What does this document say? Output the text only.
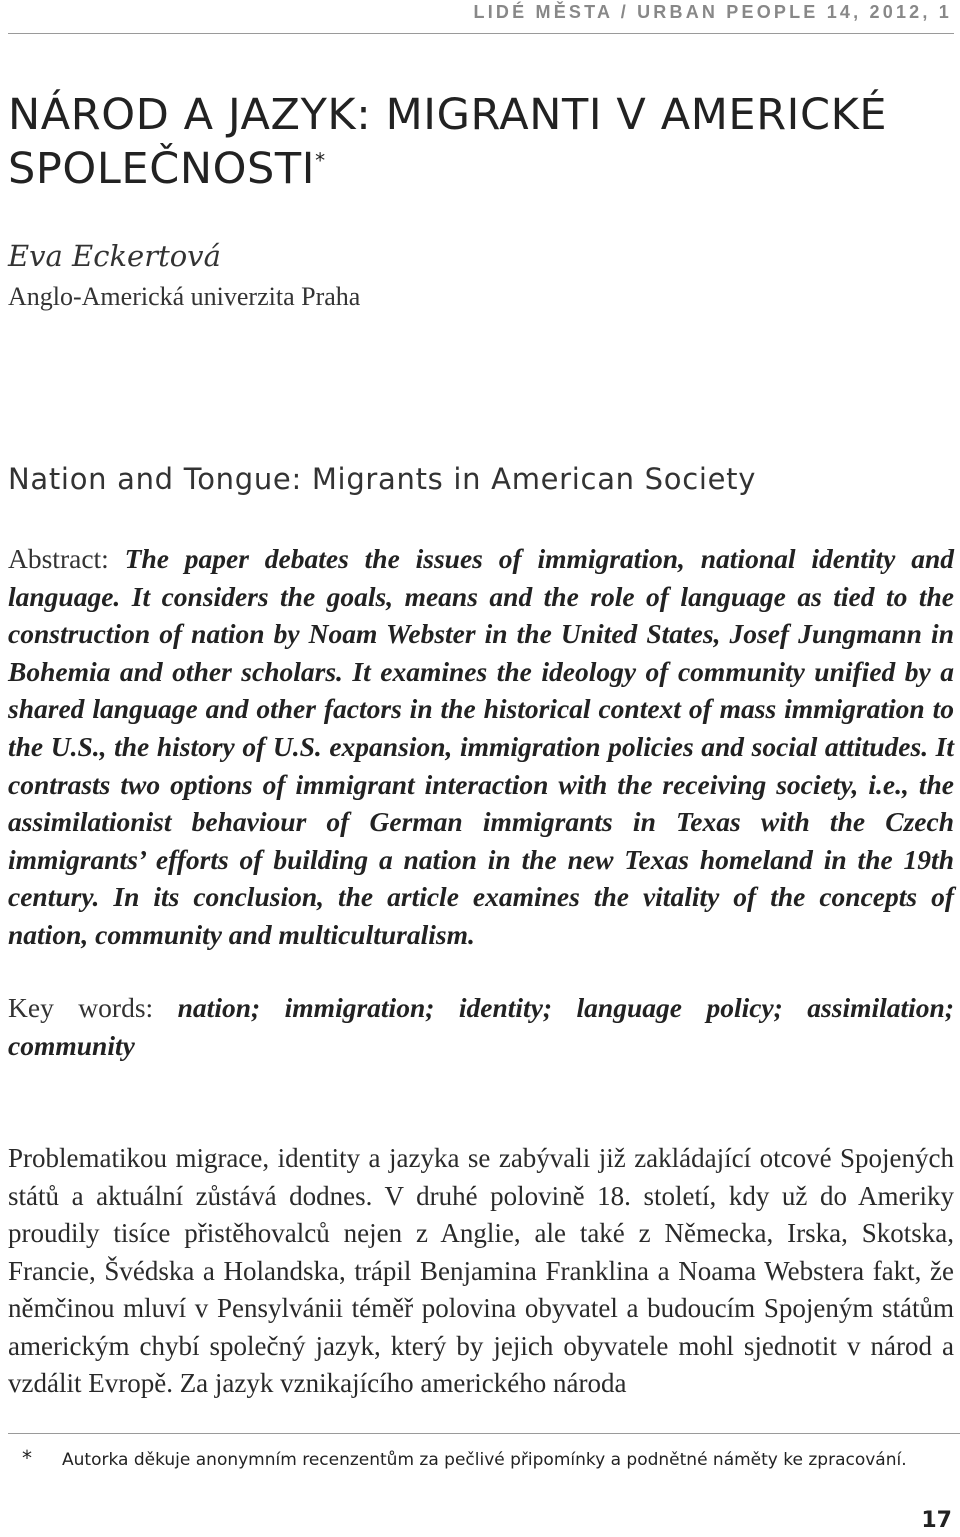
LIDÉ MĚSTA / URBAN PEOPLE 14, 2012, 1
NÁROD A JAZYK: MIGRANTI V AMERICKÉ SPOLEČNOSTI*
Eva Eckertová
Anglo-Americká univerzita Praha
Nation and Tongue: Migrants in American Society

Abstract: The paper debates the issues of immigration, national identity and language. It considers the goals, means and the role of language as tied to the construction of nation by Noam Webster in the United States, Josef Jungmann in Bohemia and other scholars. It examines the ideology of community unified by a shared language and other factors in the historical context of mass immigration to the U.S., the history of U.S. expansion, immigration policies and social attitudes. It contrasts two options of immigrant interaction with the receiving society, i.e., the assimilationist behaviour of German immigrants in Texas with the Czech immigrants’ efforts of building a nation in the new Texas homeland in the 19th century. In its conclusion, the article examines the vitality of the concepts of nation, community and multiculturalism.

Key words: nation; immigration; identity; language policy; assimilation; community

Problematikou migrace, identity a jazyka se zabývali již zakládající otcové Spojených států a aktuální zůstává dodnes. V druhé polovině 18. století, kdy už do Ameriky proudily tisíce přistěhovalců nejen z Anglie, ale také z Německa, Irska, Skotska, Francie, Švédska a Holandska, trápil Benjamina Franklina a Noama Webstera fakt, že němčinou mluví v Pensylvánii téměř polovina obyvatel a budoucím Spojeným státům americkým chybí společný jazyk, který by jejich obyvatele mohl sjednotit v národ a vzdálit Evropě. Za jazyk vznikajícího amerického národa

* Autorka děkuje anonymním recenzentům za pečlivé připomínky a podnětné náměty ke zpracování.
17
